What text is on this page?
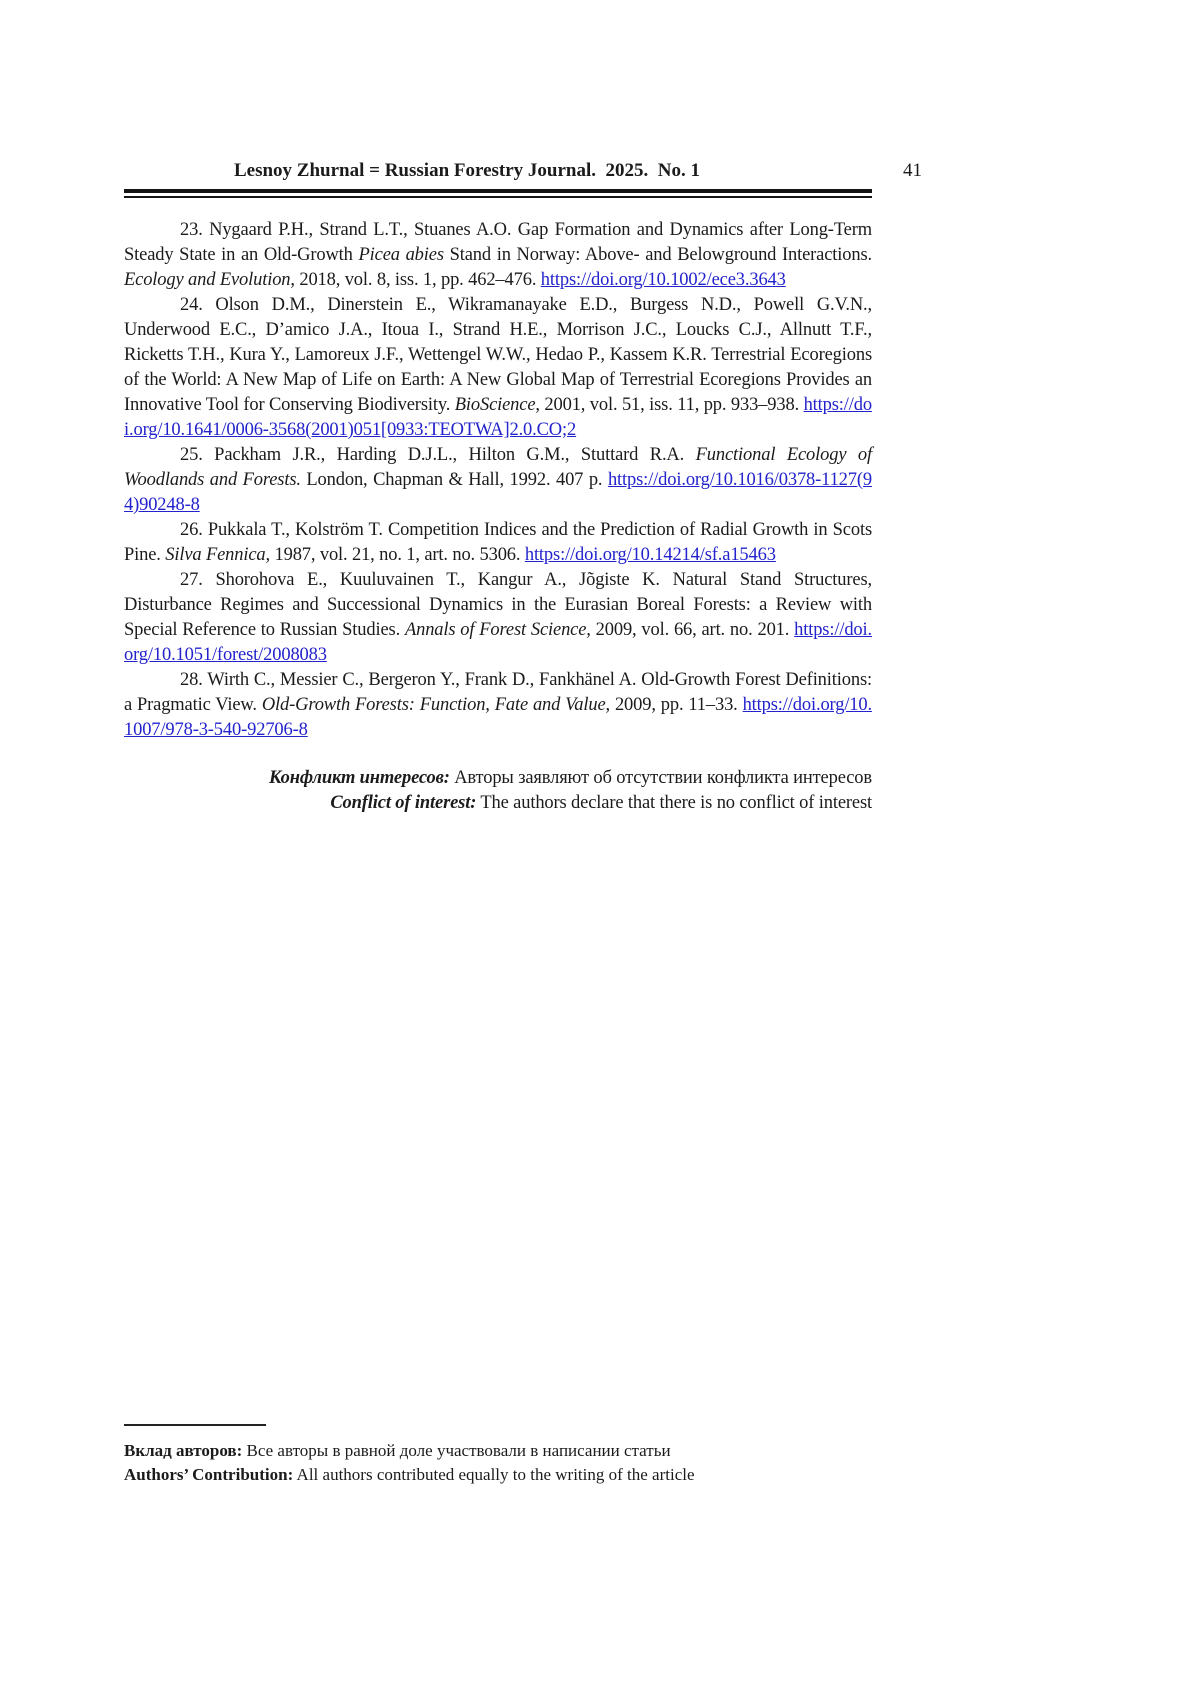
Lesnoy Zhurnal = Russian Forestry Journal.  2025.  No. 1	41

23. Nygaard P.H., Strand L.T., Stuanes A.O. Gap Formation and Dynamics after Long-Term Steady State in an Old-Growth Picea abies Stand in Norway: Above- and Belowground Interactions. Ecology and Evolution, 2018, vol. 8, iss. 1, pp. 462–476. https://doi.org/10.1002/ece3.3643

24. Olson D.M., Dinerstein E., Wikramanayake E.D., Burgess N.D., Powell G.V.N., Underwood E.C., D’amico J.A., Itoua I., Strand H.E., Morrison J.C., Loucks C.J., Allnutt T.F., Ricketts T.H., Kura Y., Lamoreux J.F., Wettengel W.W., Hedao P., Kassem K.R. Terrestrial Ecoregions of the World: A New Map of Life on Earth: A New Global Map of Terrestrial Ecoregions Provides an Innovative Tool for Conserving Biodiversity. BioScience, 2001, vol. 51, iss. 11, pp. 933–938. https://doi.org/10.1641/0006-3568(2001)051[0933:TEOTWA]2.0.CO;2

25. Packham J.R., Harding D.J.L., Hilton G.M., Stuttard R.A. Functional Ecology of Woodlands and Forests. London, Chapman & Hall, 1992. 407 p. https://doi.org/10.1016/0378-1127(94)90248-8

26. Pukkala T., Kolström T. Competition Indices and the Prediction of Radial Growth in Scots Pine. Silva Fennica, 1987, vol. 21, no. 1, art. no. 5306. https://doi.org/10.14214/sf.a15463

27. Shorohova E., Kuuluvainen T., Kangur A., Jõgiste K. Natural Stand Structures, Disturbance Regimes and Successional Dynamics in the Eurasian Boreal Forests: a Review with Special Reference to Russian Studies. Annals of Forest Science, 2009, vol. 66, art. no. 201. https://doi.org/10.1051/forest/2008083

28. Wirth C., Messier C., Bergeron Y., Frank D., Fankhänel A. Old-Growth Forest Definitions: a Pragmatic View. Old-Growth Forests: Function, Fate and Value, 2009, pp. 11–33. https://doi.org/10.1007/978-3-540-92706-8

Конфликт интересов: Авторы заявляют об отсутствии конфликта интересов
Conflict of interest: The authors declare that there is no conflict of interest
Вклад авторов: Все авторы в равной доле участвовали в написании статьи
Authors’ Contribution: All authors contributed equally to the writing of the article
